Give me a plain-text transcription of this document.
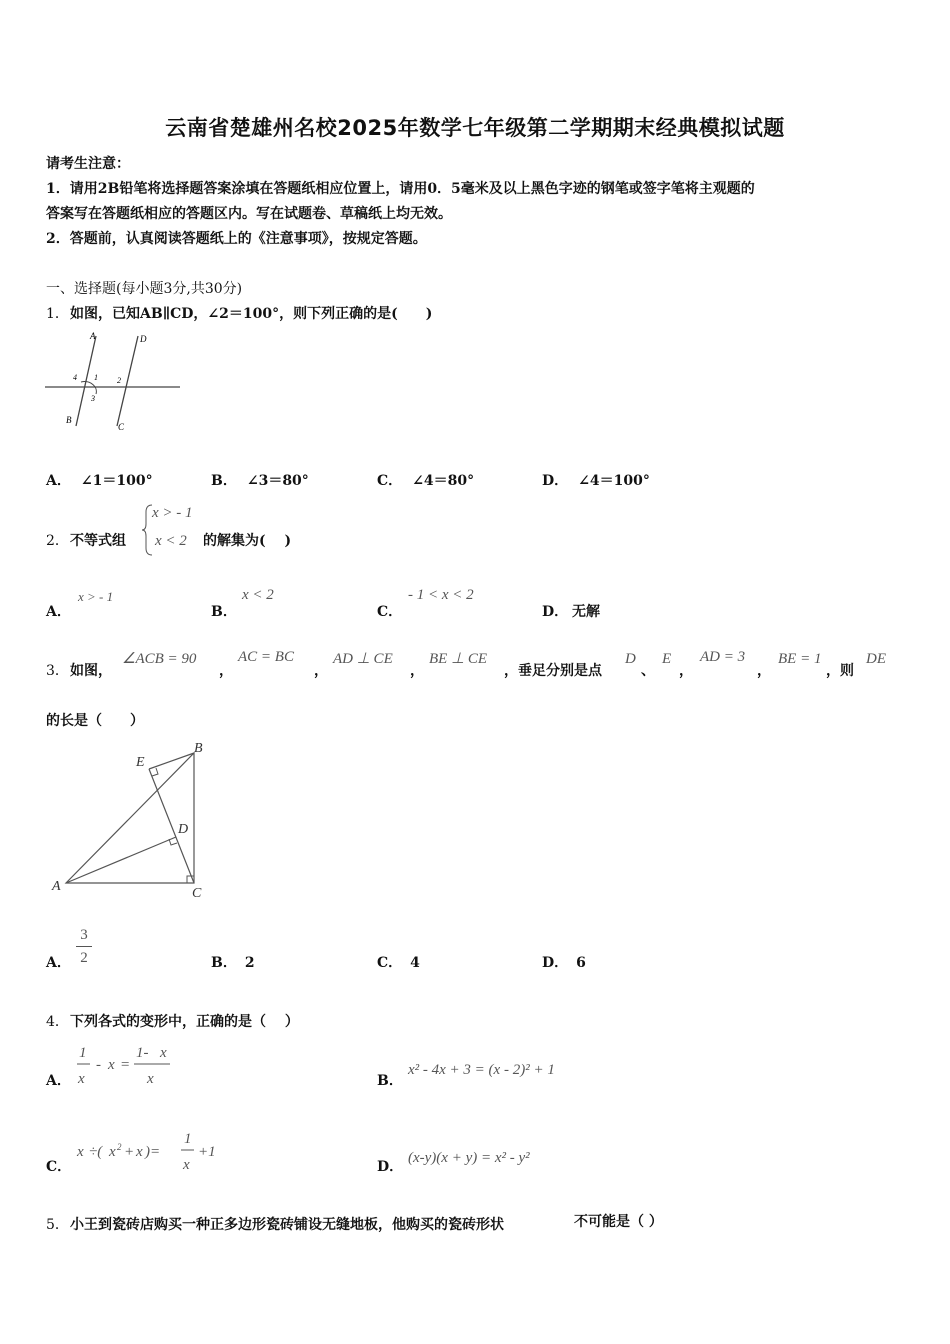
云南省楚雄州名校2025年数学七年级第二学期期末经典模拟试题
请考生注意：
1．请用2B铅笔将选择题答案涂填在答题纸相应位置上，请用0．5毫米及以上黑色字迹的钢笔或签字笔将主观题的
答案写在答题纸相应的答题区内。写在试题卷、草稿纸上均无效。
2．答题前，认真阅读答题纸上的《注意事项》，按规定答题。
一、选择题(每小题3分,共30分)
1． 如图，已知AB∥CD，∠2＝100°，则下列正确的是(　　)
A	D
1
4	2
3
B
C
A． ∠1＝100°	B． ∠3＝80°	C． ∠4＝80°	D． ∠4＝100°
2． 不等式组
x > - 1
x < 2 的解集为(　 )
A．
x > - 1
B．
x < 2
C．
- 1 < x < 2
D． 无解
3． 如图，
∠ACB = 90
，
AC = BC
，
AD ⊥ CE
，
BE ⊥ CE
，垂足分别是点
D
、
E
，
AD = 3
，
BE = 1
，则
DE
的长是（　　）
E
B
D
A	C
A．
3
2	B． 2	C． 4	D． 6
4． 下列各式的变形中，正确的是（　 ）
A．
1
x
- x =
1- x
x	B．
x² - 4x + 3 = (x - 2)² + 1
C．
x ÷( x 2 + x )=
1
x
+1
D．
(x-y)(x + y) = x² - y²
5． 小王到瓷砖店购买一种正多边形瓷砖铺设无缝地板，他购买的瓷砖形状	不可能是（ ）
